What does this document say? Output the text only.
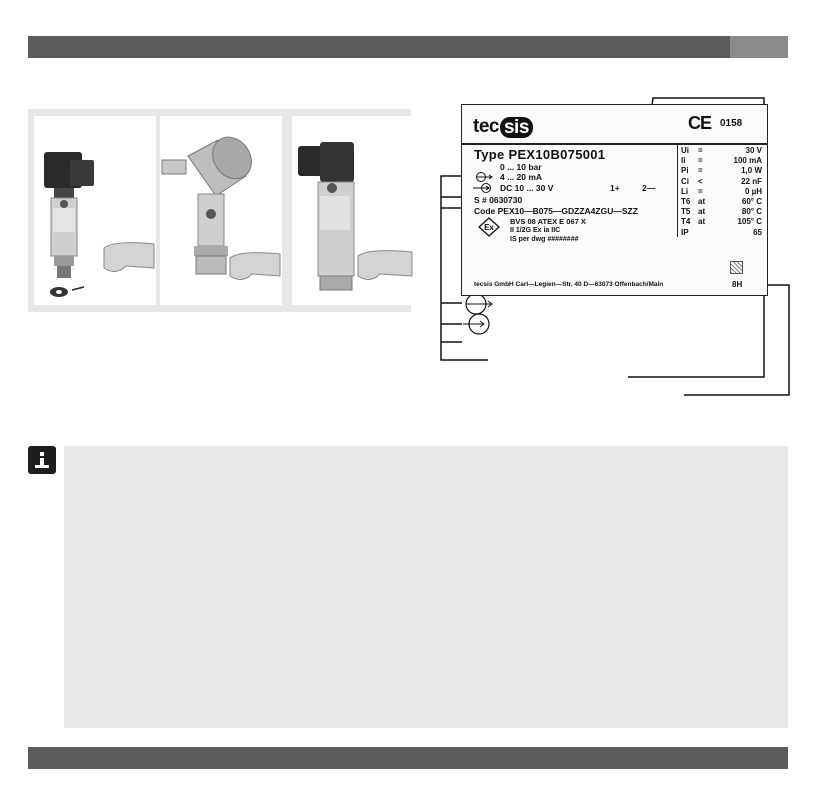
tec sis	CE 0158
Type PEX10B075001
0 ... 10 bar
4 ... 20 mA
DC 10 ... 30 V	1+	2—
S # 0630730
Code PEX10—B075—GDZZA4ZGU—SZZ
Ex
BVS 08 ATEX E 067 X
II 1/2G Ex ia IIC
IS per dwg ########
Ui =	30 V
Ii =	100 mA
Pi =	1,0 W
Ci <	22 nF
Li =	0 µH
T6 at	60° C
T5 at	80° C
T4 at	105° C
IP	65
tecsis GmbH Carl—Legien—Str. 40 D—63073 Offenbach/Main	8H
